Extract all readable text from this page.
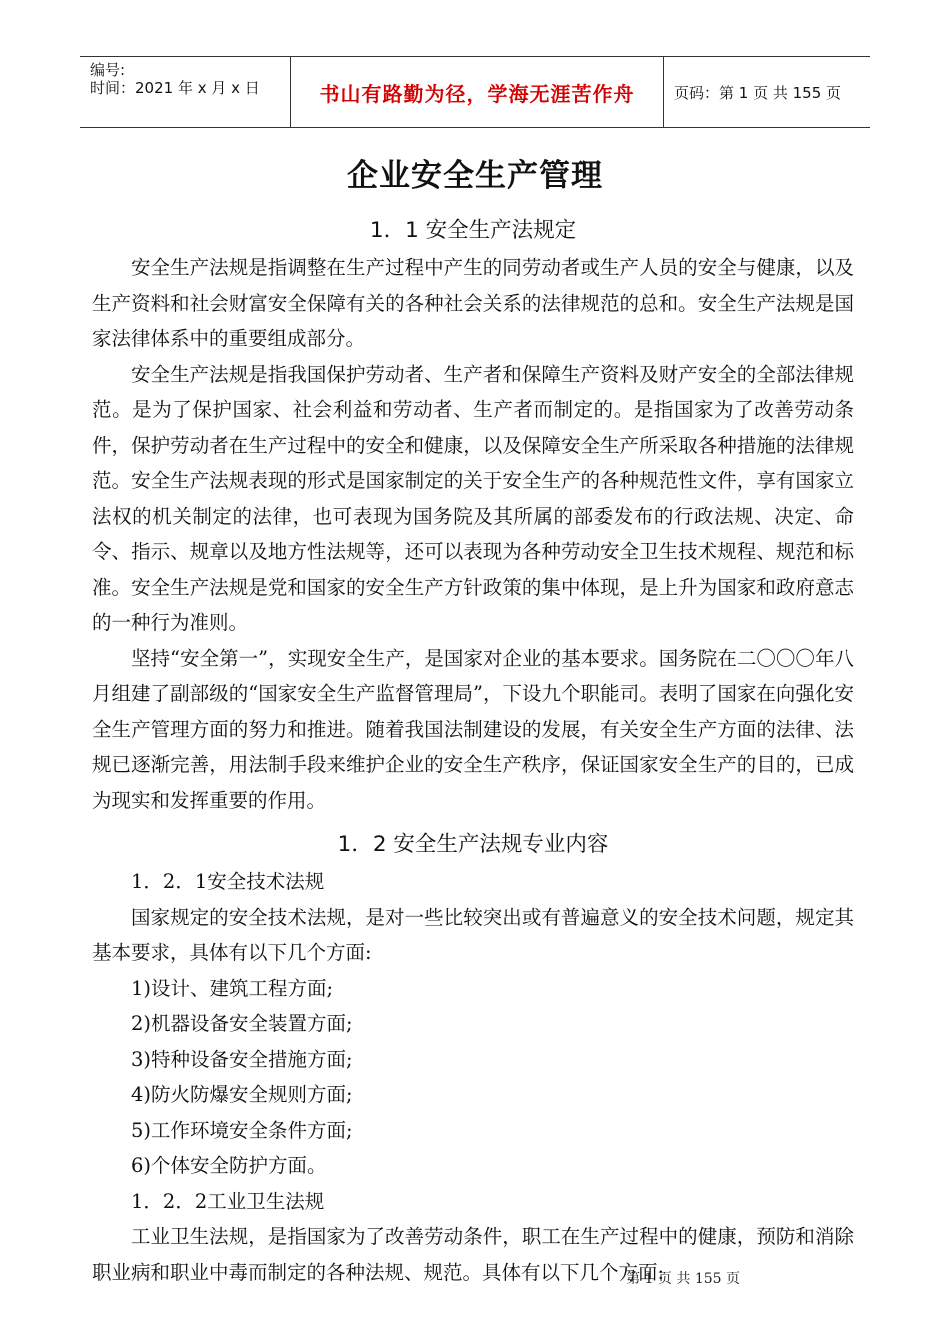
编号:
时间：2021 年 x 月 x 日	书山有路勤为径，学海无涯苦作舟	页码：第 1 页 共 155 页
企业安全生产管理
1．1 安全生产法规定

安全生产法规是指调整在生产过程中产生的同劳动者或生产人员的安全与健康，以及生产资料和社会财富安全保障有关的各种社会关系的法律规范的总和。安全生产法规是国家法律体系中的重要组成部分。

安全生产法规是指我国保护劳动者、生产者和保障生产资料及财产安全的全部法律规范。是为了保护国家、社会利益和劳动者、生产者而制定的。是指国家为了改善劳动条件，保护劳动者在生产过程中的安全和健康，以及保障安全生产所采取各种措施的法律规范。安全生产法规表现的形式是国家制定的关于安全生产的各种规范性文件，享有国家立法权的机关制定的法律，也可表现为国务院及其所属的部委发布的行政法规、决定、命令、指示、规章以及地方性法规等，还可以表现为各种劳动安全卫生技术规程、规范和标准。安全生产法规是党和国家的安全生产方针政策的集中体现，是上升为国家和政府意志的一种行为准则。

坚持“安全第一”，实现安全生产，是国家对企业的基本要求。国务院在二〇〇〇年八月组建了副部级的“国家安全生产监督管理局”，下设九个职能司。表明了国家在向强化安全生产管理方面的努力和推进。随着我国法制建设的发展，有关安全生产方面的法律、法规已逐渐完善，用法制手段来维护企业的安全生产秩序，保证国家安全生产的目的，已成为现实和发挥重要的作用。

1．2 安全生产法规专业内容

1．2．1安全技术法规

国家规定的安全技术法规，是对一些比较突出或有普遍意义的安全技术问题，规定其基本要求，具体有以下几个方面:

1)设计、建筑工程方面;

2)机器设备安全装置方面;

3)特种设备安全措施方面;

4)防火防爆安全规则方面;

5)工作环境安全条件方面;

6)个体安全防护方面。

1．2．2工业卫生法规

工业卫生法规，是指国家为了改善劳动条件，职工在生产过程中的健康，预防和消除职业病和职业中毒而制定的各种法规、规范。具体有以下几个方面:

第 1 页 共 155 页
